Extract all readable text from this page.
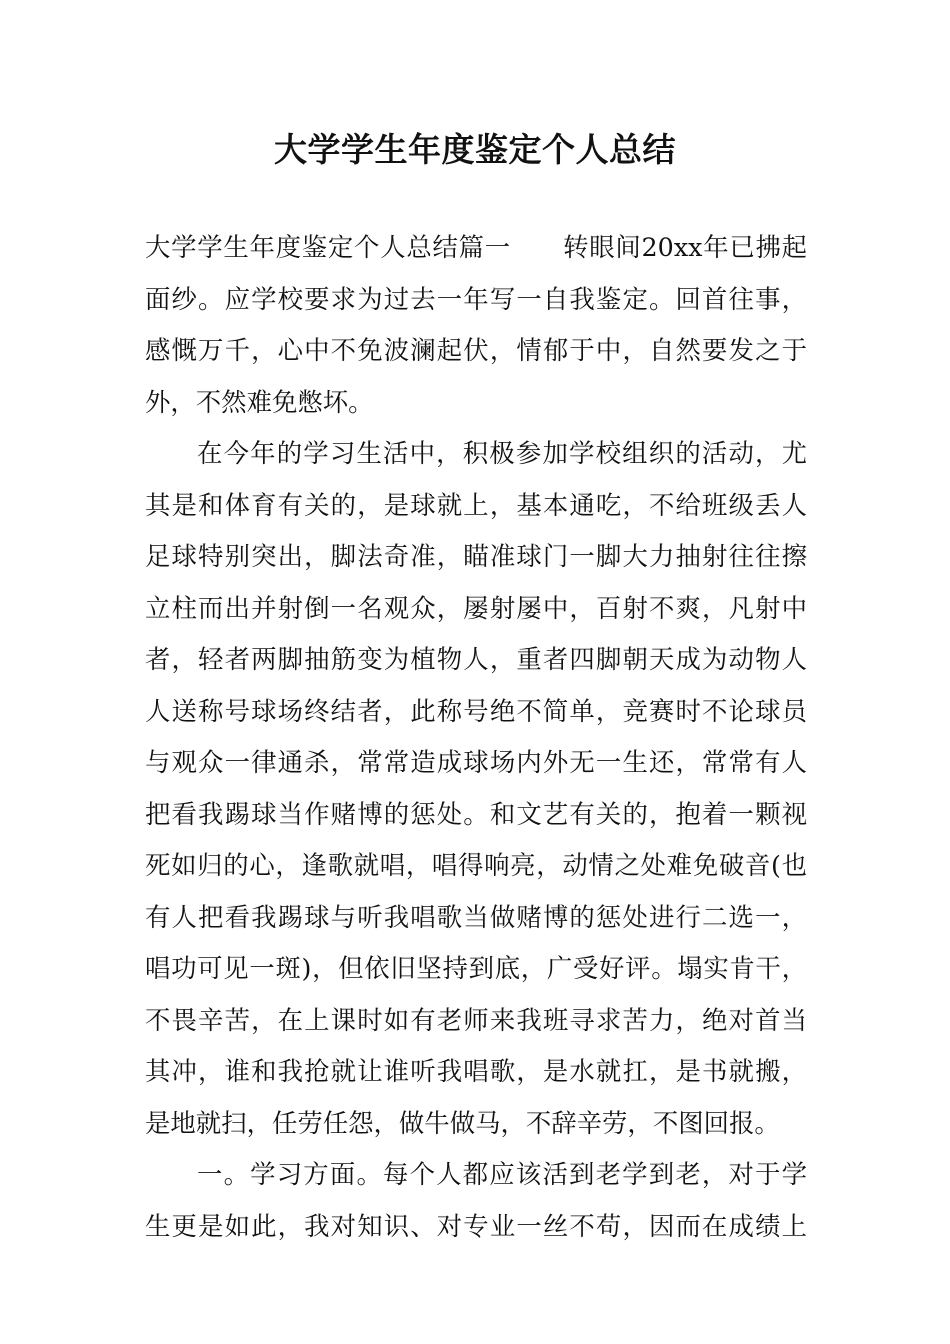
大学学生年度鉴定个人总结
大学学生年度鉴定个人总结篇一　　转眼间20xx年已拂起
面纱。应学校要求为过去一年写一自我鉴定。回首往事，
感慨万千，心中不免波澜起伏，情郁于中，自然要发之于
外，不然难免憋坏。
在今年的学习生活中，积极参加学校组织的活动，尤
其是和体育有关的，是球就上，基本通吃，不给班级丢人
足球特别突出，脚法奇准，瞄准球门一脚大力抽射往往擦
立柱而出并射倒一名观众，屡射屡中，百射不爽，凡射中
者，轻者两脚抽筋变为植物人，重者四脚朝天成为动物人
人送称号球场终结者，此称号绝不简单，竞赛时不论球员
与观众一律通杀，常常造成球场内外无一生还，常常有人
把看我踢球当作赌博的惩处。和文艺有关的，抱着一颗视
死如归的心，逢歌就唱，唱得响亮，动情之处难免破音(也
有人把看我踢球与听我唱歌当做赌博的惩处进行二选一，
唱功可见一斑)，但依旧坚持到底，广受好评。塌实肯干，
不畏辛苦，在上课时如有老师来我班寻求苦力，绝对首当
其冲，谁和我抢就让谁听我唱歌，是水就扛，是书就搬，
是地就扫，任劳任怨，做牛做马，不辞辛劳，不图回报。
一。学习方面。每个人都应该活到老学到老，对于学
生更是如此，我对知识、对专业一丝不苟，因而在成绩上
